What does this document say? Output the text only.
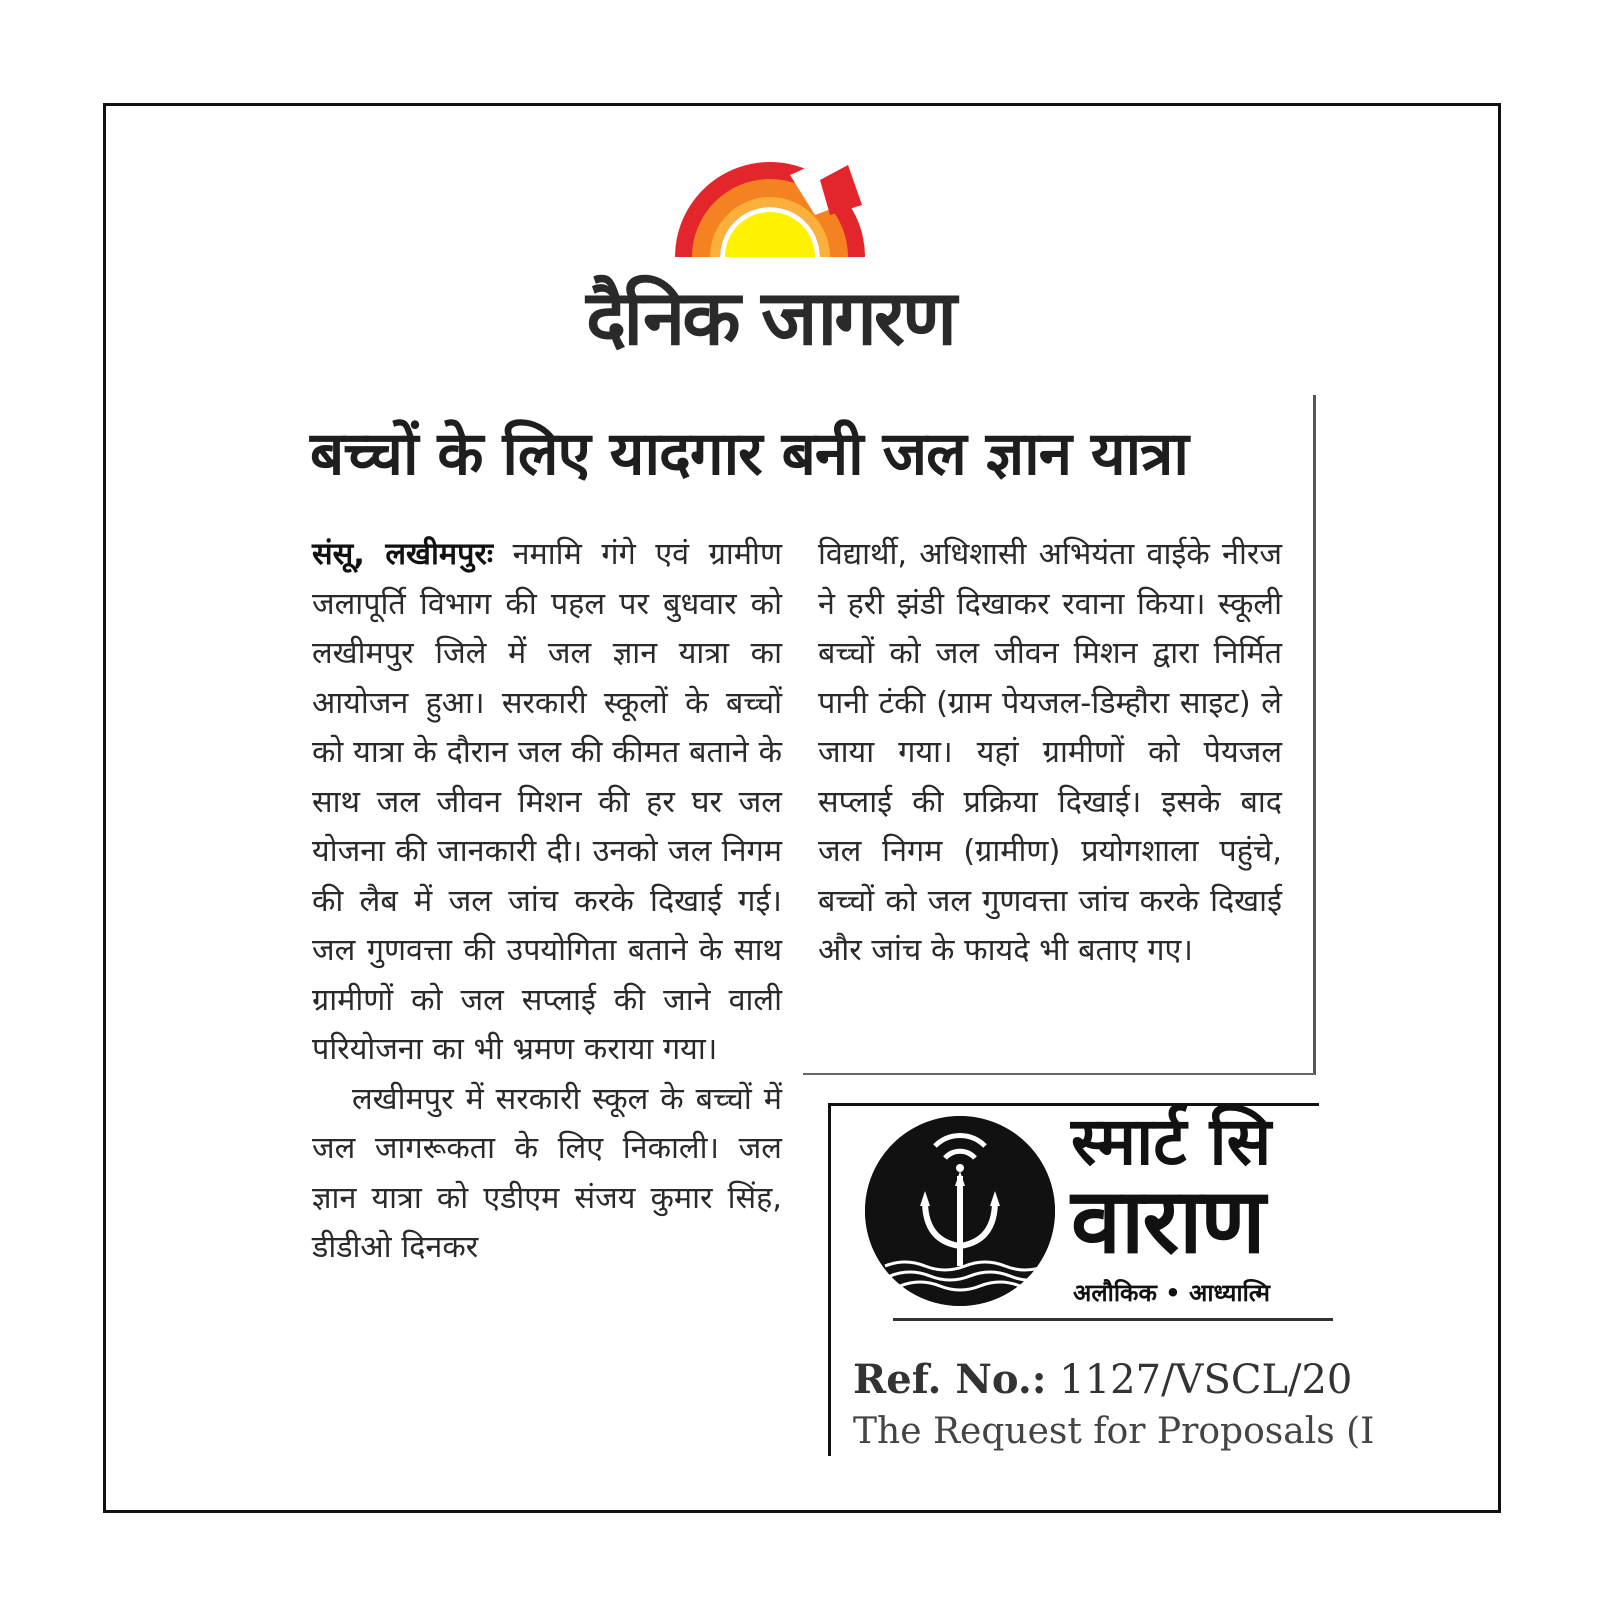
दैनिक जागरण
बच्चों के लिए यादगार बनी जल ज्ञान यात्रा

संसू, लखीमपुरः नमामि गंगे एवं ग्रामीण जलापूर्ति विभाग की पहल पर बुधवार को लखीमपुर जिले में जल ज्ञान यात्रा का आयोजन हुआ। सरकारी स्कूलों के बच्चों को यात्रा के दौरान जल की कीमत बताने के साथ जल जीवन मिशन की हर घर जल योजना की जानकारी दी। उनको जल निगम की लैब में जल जांच करके दिखाई गई। जल गुणवत्ता की उपयोगिता बताने के साथ ग्रामीणों को जल सप्लाई की जाने वाली परियोजना का भी भ्रमण कराया गया।

लखीमपुर में सरकारी स्कूल के बच्चों में जल जागरूकता के लिए निकाली। जल ज्ञान यात्रा को एडीएम संजय कुमार सिंह, डीडीओ दिनकर

विद्यार्थी, अधिशासी अभियंता वाईके नीरज ने हरी झंडी दिखाकर रवाना किया। स्कूली बच्चों को जल जीवन मिशन द्वारा निर्मित पानी टंकी (ग्राम पेयजल-डिम्हौरा साइट) ले जाया गया। यहां ग्रामीणों को पेयजल सप्लाई की प्रक्रिया दिखाई। इसके बाद जल निगम (ग्रामीण) प्रयोगशाला पहुंचे, बच्चों को जल गुणवत्ता जांच करके दिखाई और जांच के फायदे भी बताए गए।

स्मार्ट सि
वाराण
अलौकिक • आध्यात्मि
Ref. No.: 1127/VSCL/20
The Request for Proposals (I
